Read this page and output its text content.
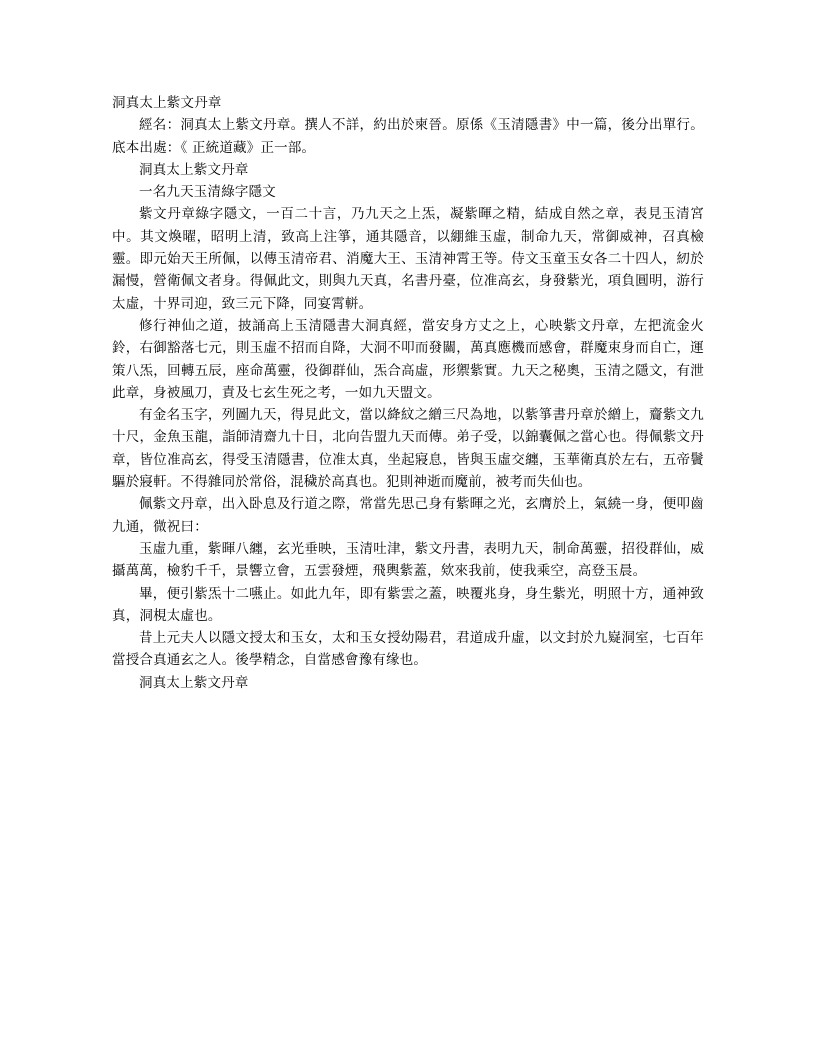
洞真太上紫文丹章

經名：洞真太上紫文丹章。撰人不詳，約出於柬晉。原係《玉清隱書》中一篇，後分出單行。底本出處：《 正統道藏》正一部。

洞真太上紫文丹章

一名九天玉清綠字隱文

紫文丹章綠字隱文，一百二十言，乃九天之上炁，凝紫暉之精，結成自然之章，表見玉清宮中。其文煥曜，昭明上清，致高上注箏，通其隱音，以綳維玉虛，制命九天，常御威神，召真檢靈。即元始天王所佩，以傳玉清帝君、消魔大王、玉清神霄王等。侍文玉童玉女各二十四人，紉於漏慢，營衛佩文者身。得佩此文，則與九天真，名書丹臺，位准高玄，身發紫光，項負圓明，游行太虛，十界司迎，致三元下降，同宴霄軿。

修行神仙之道，披誦高上玉清隱書大洞真經，當安身方丈之上，心映紫文丹章，左把流金火鈴，右御豁落七元，則玉虛不招而自降，大洞不叩而發關，萬真應機而感會，群魔束身而自亡，運策八炁，回轉五辰，座命萬靈，役御群仙，炁合高虛，形禦紫實。九天之秘奧，玉清之隱文，有泄此章，身被風刀，責及七玄生死之考，一如九天盟文。

有金名玉字，列圖九天，得見此文，當以絳紋之繒三尺為地，以紫箏書丹章於繒上，齎紫文九十尺，金魚玉龍，詣師清齋九十日，北向告盟九天而傳。弟子受，以錦囊佩之當心也。得佩紫文丹章，皆位准高玄，得受玉清隱書，位准太真，坐起寢息，皆與玉虛交纏，玉華衛真於左右，五帝鬢驅於寢軒。不得雜同於常俗，混穢於高真也。犯則神逝而魔前，被考而失仙也。

佩紫文丹章，出入卧息及行道之際，常當先思己身有紫暉之光，玄膺於上，氣繞一身，便叩齒九通，微祝曰：

玉虛九重，紫暉八纏，玄光垂映，玉清吐津，紫文丹書，表明九天，制命萬靈，招役群仙，威攝萬萬，檢豹千千，景響立會，五雲發煙，飛輿紫蓋，欸來我前，使我乘空，高登玉晨。

畢，便引紫炁十二嚥止。如此九年，即有紫雲之蓋，映覆兆身，身生紫光，明照十方，通神致真，洞梘太虛也。

昔上元夫人以隱文授太和玉女，太和玉女授幼陽君，君道成升虛，以文封於九嶷洞室，七百年當授合真通玄之人。後學精念，自當感會豫有缘也。

洞真太上紫文丹章
